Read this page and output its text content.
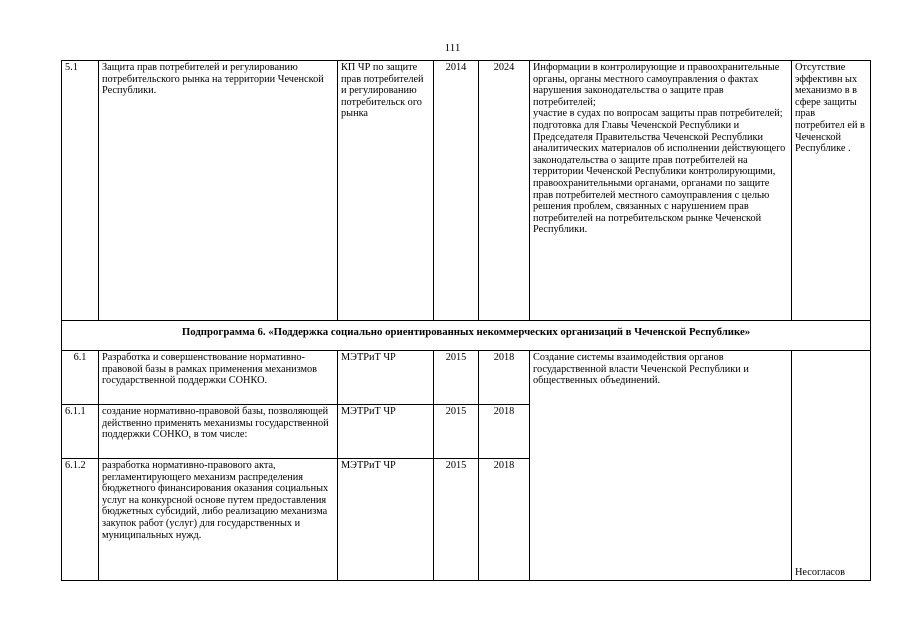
111
5.1	Защита прав потребителей и регулированию потребительского рынка на территории Чеченской Республики.	КП ЧР по защите прав потребителей и регулированию потребительск ого рынка	2014	2024	Информации в контролирующие и правоохранительные органы, органы местного самоуправления о фактах нарушения законодательства о защите прав потребителей;
участие в судах по вопросам защиты прав потребителей;
подготовка для Главы Чеченской Республики и Председателя Правительства Чеченской Республики аналитических материалов об исполнении действующего законодательства о защите прав потребителей на территории Чеченской Республики контролирующими, правоохранительными органами, органами по защите прав потребителей местного самоуправления с целью решения проблем, связанных с нарушением прав потребителей на потребительском рынке Чеченской Республики.	Отсутствие эффективн ых механизмо в в сфере защиты прав потребител ей в Чеченской Республике .
Подпрограмма 6. «Поддержка социально ориентированных некоммерческих организаций в Чеченской Республике»						
6.1	Разработка и совершенствование нормативно-правовой базы в рамках применения механизмов государственной поддержки СОНКО.	МЭТРиТ ЧР	2015	2018	Создание системы взаимодействия органов государственной власти Чеченской Республики и общественных объединений.	Несогласов
6.1.1	создание нормативно-правовой базы, позволяющей действенно применять механизмы государственной поддержки СОНКО, в том числе:	МЭТРиТ ЧР	2015	2018		
6.1.2	разработка нормативно-правового акта, регламентирующего механизм распределения бюджетного финансирования оказания социальных услуг на конкурсной основе путем предоставления бюджетных субсидий, либо реализацию механизма закупок работ (услуг) для государственных и муниципальных нужд.	МЭТРиТ ЧР	2015	2018		
